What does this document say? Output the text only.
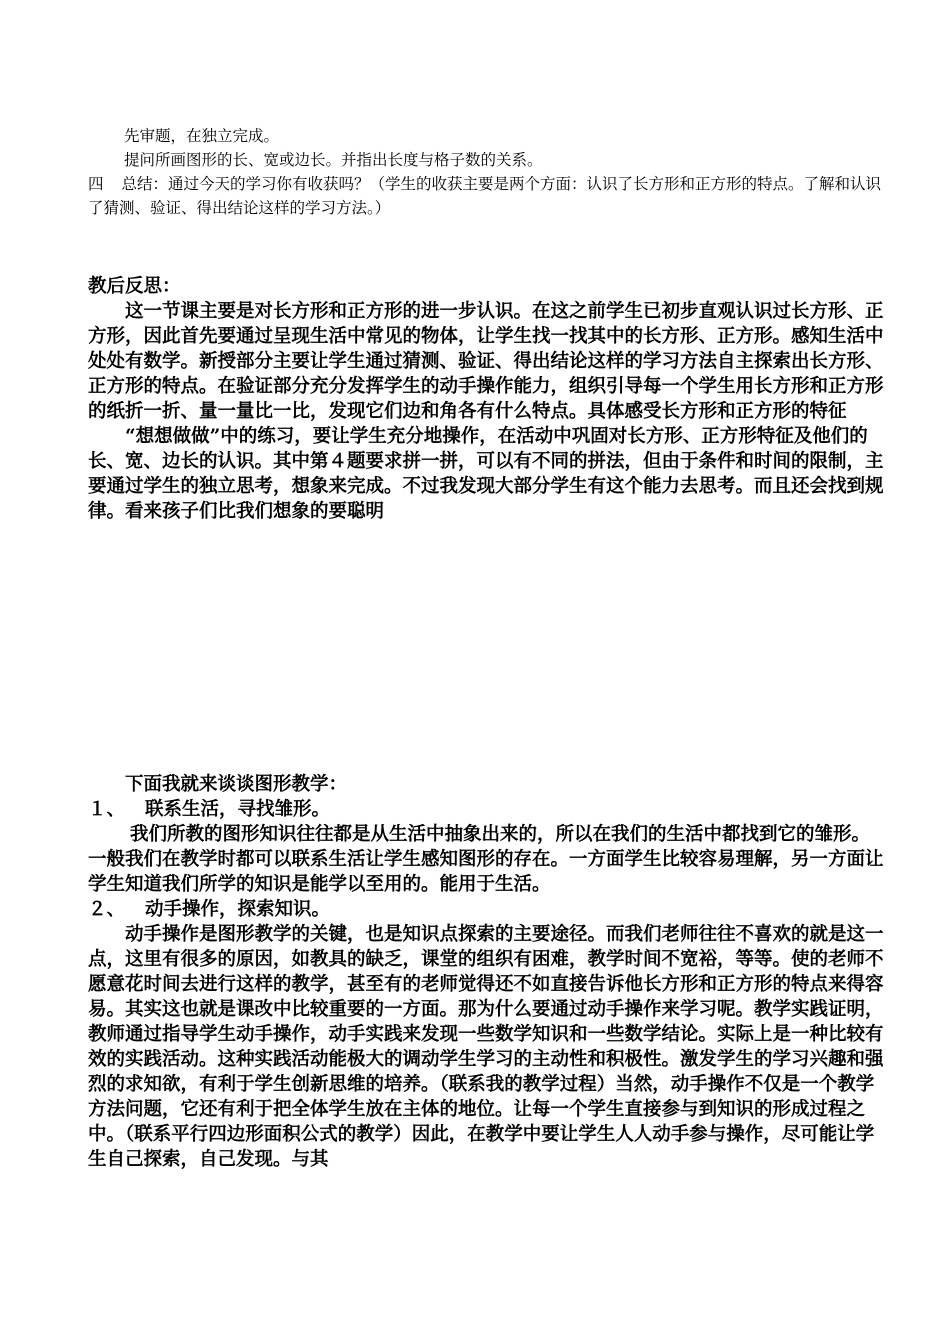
先审题，在独立完成。

提问所画图形的长、宽或边长。并指出长度与格子数的关系。

四 总结：通过今天的学习你有收获吗？（学生的收获主要是两个方面：认识了长方形和正方形的特点。了解和认识了猜测、验证、得出结论这样的学习方法。）

教后反思：

这一节课主要是对长方形和正方形的进一步认识。在这之前学生已初步直观认识过长方形、正方形，因此首先要通过呈现生活中常见的物体，让学生找一找其中的长方形、正方形。感知生活中处处有数学。新授部分主要让学生通过猜测、验证、得出结论这样的学习方法自主探索出长方形、正方形的特点。在验证部分充分发挥学生的动手操作能力，组织引导每一个学生用长方形和正方形的纸折一折、量一量比一比，发现它们边和角各有什么特点。具体感受长方形和正方形的特征

“想想做做”中的练习，要让学生充分地操作，在活动中巩固对长方形、正方形特征及他们的长、宽、边长的认识。其中第４题要求拼一拼，可以有不同的拼法，但由于条件和时间的限制，主要通过学生的独立思考，想象来完成。不过我发现大部分学生有这个能力去思考。而且还会找到规律。看来孩子们比我们想象的要聪明

下面我就来谈谈图形教学：

１、 联系生活，寻找雏形。

我们所教的图形知识往往都是从生活中抽象出来的，所以在我们的生活中都找到它的雏形。一般我们在教学时都可以联系生活让学生感知图形的存在。一方面学生比较容易理解，另一方面让学生知道我们所学的知识是能学以至用的。能用于生活。

２、 动手操作，探索知识。

动手操作是图形教学的关键，也是知识点探索的主要途径。而我们老师往往不喜欢的就是这一点，这里有很多的原因，如教具的缺乏，课堂的组织有困难，教学时间不宽裕，等等。使的老师不愿意花时间去进行这样的教学，甚至有的老师觉得还不如直接告诉他长方形和正方形的特点来得容易。其实这也就是课改中比较重要的一方面。那为什么要通过动手操作来学习呢。教学实践证明，教师通过指导学生动手操作，动手实践来发现一些数学知识和一些数学结论。实际上是一种比较有效的实践活动。这种实践活动能极大的调动学生学习的主动性和积极性。激发学生的学习兴趣和强烈的求知欲，有利于学生创新思维的培养。（联系我的教学过程）当然，动手操作不仅是一个教学方法问题，它还有利于把全体学生放在主体的地位。让每一个学生直接参与到知识的形成过程之中。（联系平行四边形面积公式的教学）因此，在教学中要让学生人人动手参与操作，尽可能让学生自己探索，自己发现。与其
